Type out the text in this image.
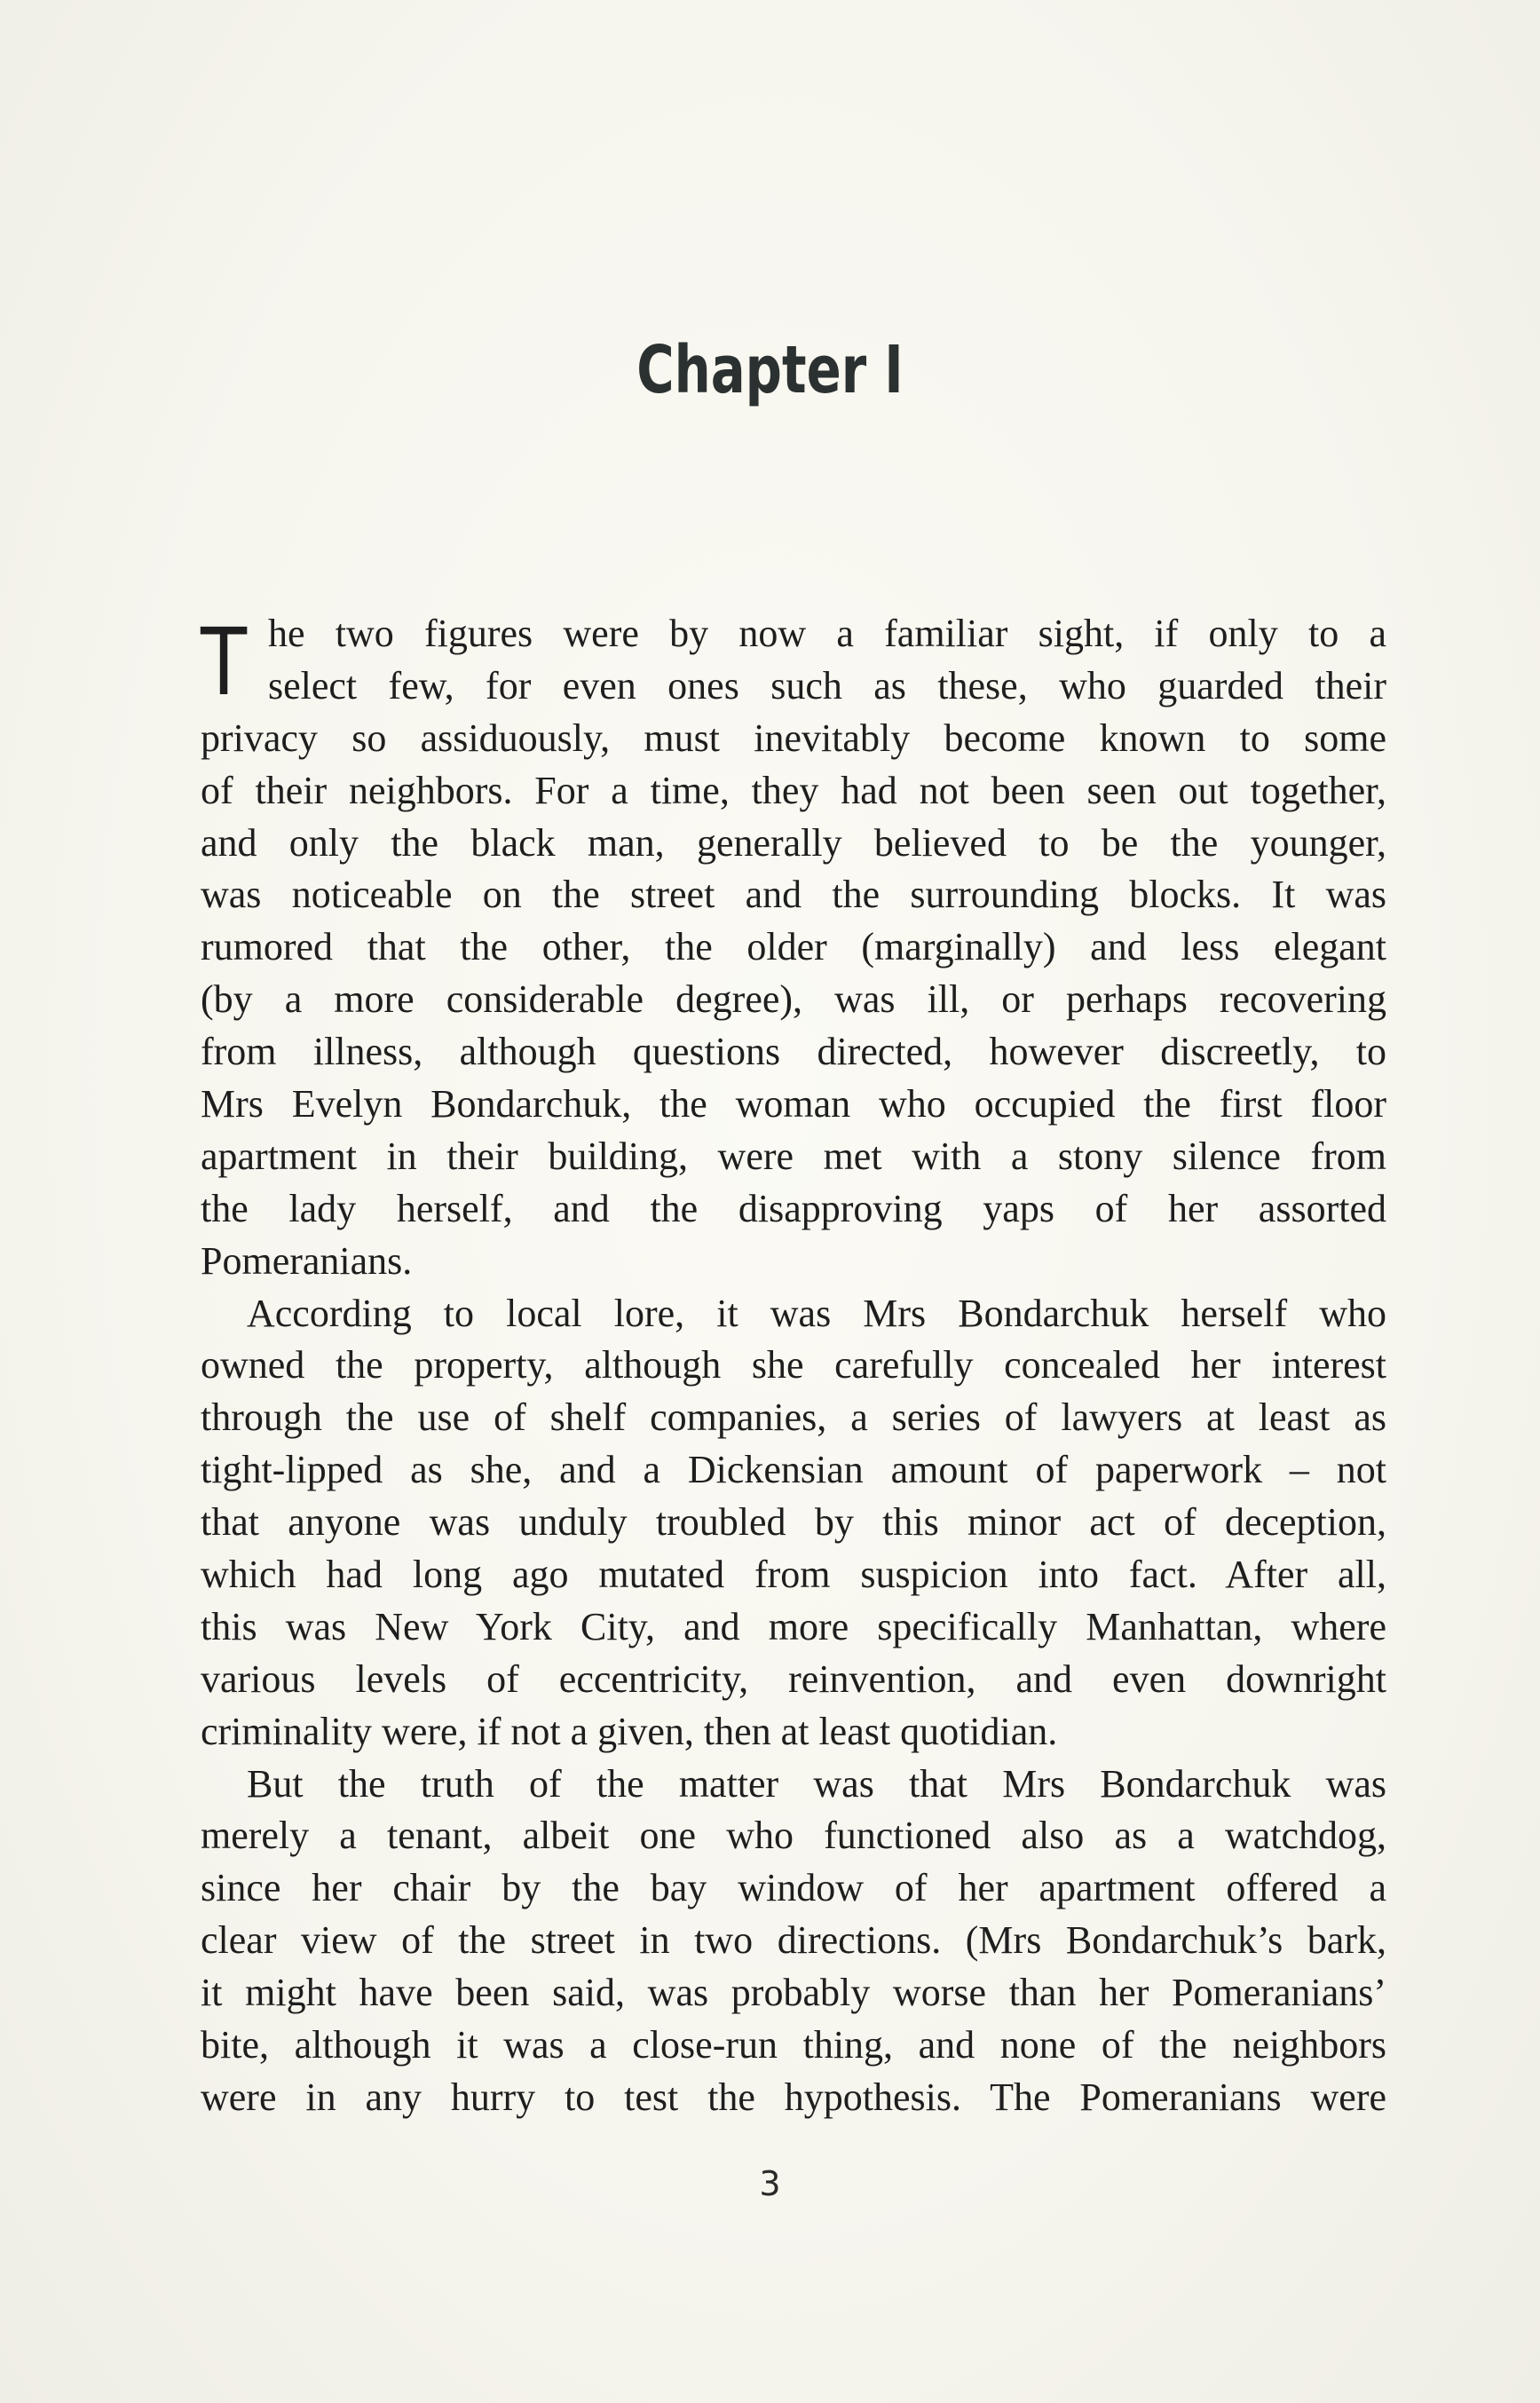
Chapter I
T he two figures were by now a familiar sight, if only to a
select few, for even ones such as these, who guarded their
privacy so assiduously, must inevitably become known to some
of their neighbors. For a time, they had not been seen out together,
and only the black man, generally believed to be the younger,
was noticeable on the street and the surrounding blocks. It was
rumored that the other, the older (marginally) and less elegant
(by a more considerable degree), was ill, or perhaps recovering
from illness, although questions directed, however discreetly, to
Mrs Evelyn Bondarchuk, the woman who occupied the first floor
apartment in their building, were met with a stony silence from
the lady herself, and the disapproving yaps of her assorted
Pomeranians.
According to local lore, it was Mrs Bondarchuk herself who
owned the property, although she carefully concealed her interest
through the use of shelf companies, a series of lawyers at least as
tight-lipped as she, and a Dickensian amount of paperwork – not
that anyone was unduly troubled by this minor act of deception,
which had long ago mutated from suspicion into fact. After all,
this was New York City, and more specifically Manhattan, where
various levels of eccentricity, reinvention, and even downright
criminality were, if not a given, then at least quotidian.
But the truth of the matter was that Mrs Bondarchuk was
merely a tenant, albeit one who functioned also as a watchdog,
since her chair by the bay window of her apartment offered a
clear view of the street in two directions. (Mrs Bondarchuk’s bark,
it might have been said, was probably worse than her Pomeranians’
bite, although it was a close-run thing, and none of the neighbors
were in any hurry to test the hypothesis. The Pomeranians were
3
